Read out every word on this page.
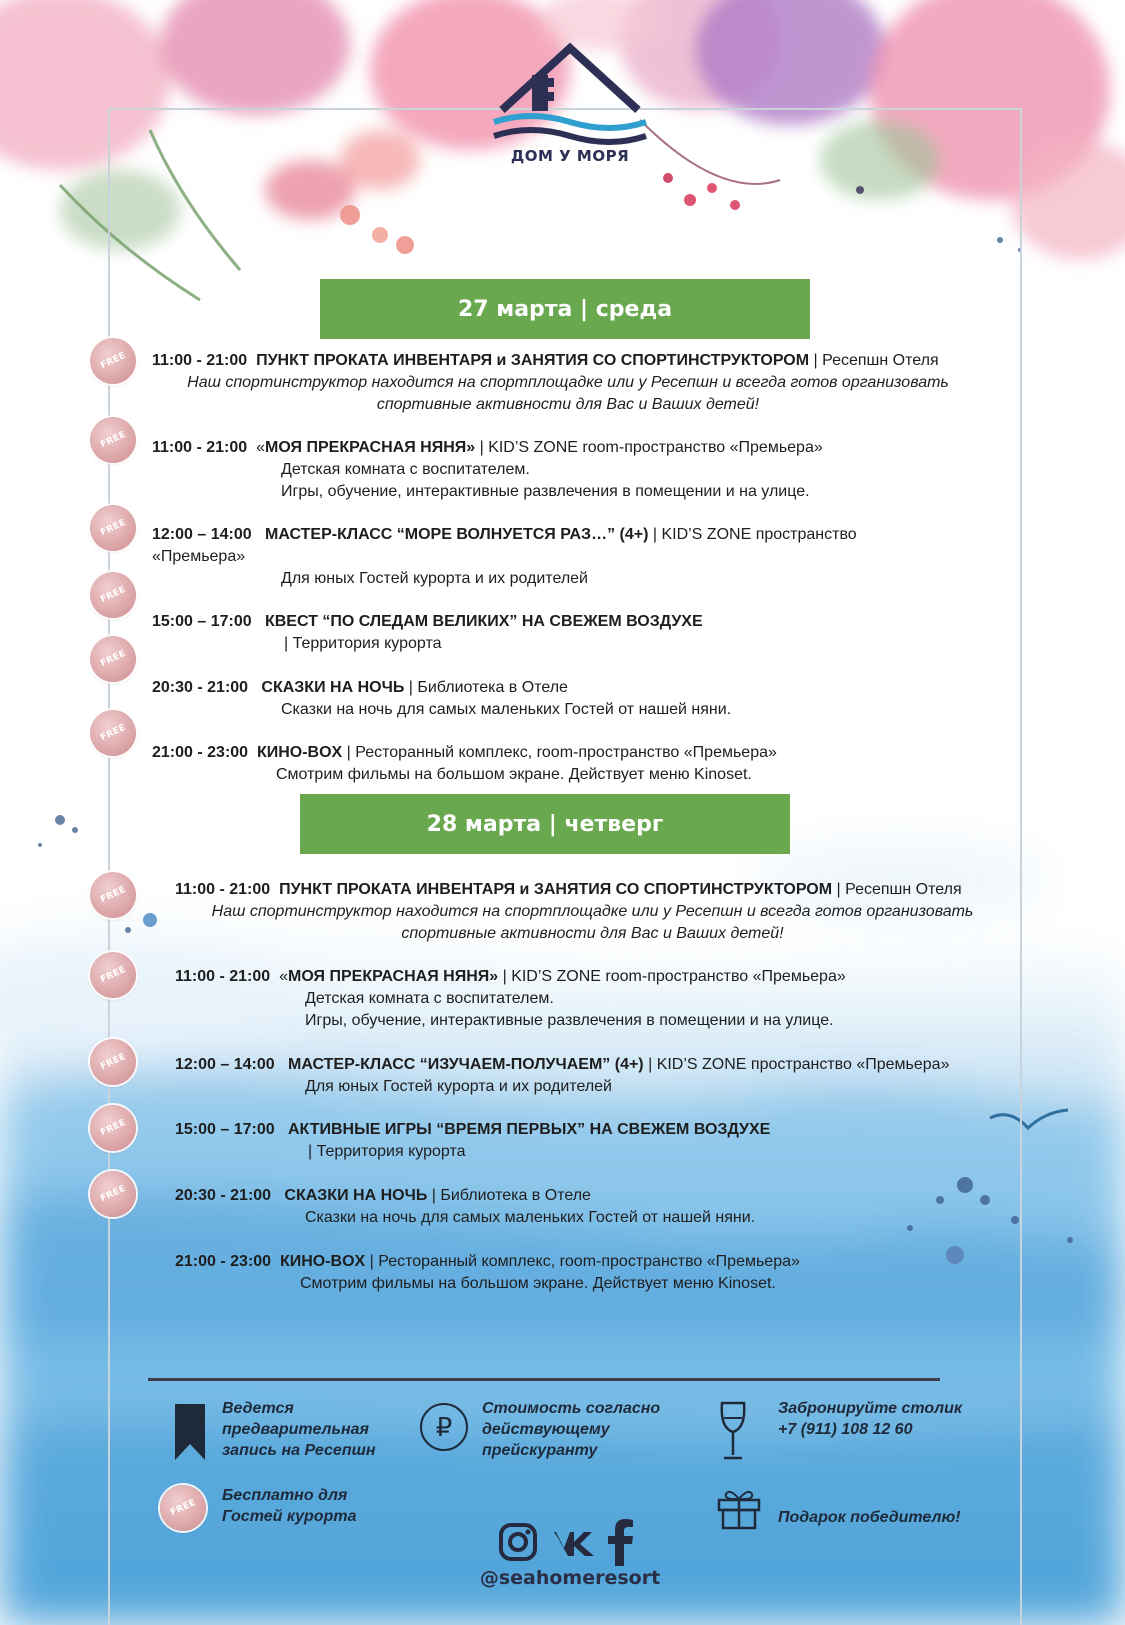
ДОМ У МОРЯ
27 марта | среда
FREE 11:00 - 21:00 ПУНКТ ПРОКАТА ИНВЕНТАРЯ и ЗАНЯТИЯ СО СПОРТИНСТРУКТОРОМ | Ресепшн Отеля
Наш спортинструктор находится на спортплощадке или у Ресепшн и всегда готов организовать
спортивные активности для Вас и Ваших детей!
FREE 11:00 - 21:00 «МОЯ ПРЕКРАСНАЯ НЯНЯ» | KID’S ZONE room-пространство «Премьера»
Детская комната с воспитателем.
Игры, обучение, интерактивные развлечения в помещении и на улице.
FREE 12:00 – 14:00 МАСТЕР-КЛАСС “МОРЕ ВОЛНУЕТСЯ РАЗ…” (4+) | KID’S ZONE пространство
«Премьера»
Для юных Гостей курорта и их родителей
FREE
15:00 – 17:00 КВЕСТ “ПО СЛЕДАМ ВЕЛИКИХ” НА СВЕЖЕМ ВОЗДУХЕ
| Территория курорта
FREE
20:30 - 21:00 СКАЗКИ НА НОЧЬ | Библиотека в Отеле
Сказки на ночь для самых маленьких Гостей от нашей няни.
FREE
21:00 - 23:00 КИНО-BOX | Ресторанный комплекс, room-пространство «Премьера»
Смотрим фильмы на большом экране. Действует меню Kinoset.
28 марта | четверг
FREE	11:00 - 21:00 ПУНКТ ПРОКАТА ИНВЕНТАРЯ и ЗАНЯТИЯ СО СПОРТИНСТРУКТОРОМ | Ресепшн Отеля
Наш спортинструктор находится на спортплощадке или у Ресепшн и всегда готов организовать
спортивные активности для Вас и Ваших детей!
FREE	11:00 - 21:00 «МОЯ ПРЕКРАСНАЯ НЯНЯ» | KID’S ZONE room-пространство «Премьера»
Детская комната с воспитателем.
Игры, обучение, интерактивные развлечения в помещении и на улице.
FREE	12:00 – 14:00 МАСТЕР-КЛАСС “ИЗУЧАЕМ-ПОЛУЧАЕМ” (4+) | KID’S ZONE пространство «Премьера»
Для юных Гостей курорта и их родителей
FREE	15:00 – 17:00 АКТИВНЫЕ ИГРЫ “ВРЕМЯ ПЕРВЫХ” НА СВЕЖЕМ ВОЗДУХЕ
| Территория курорта
FREE	20:30 - 21:00 СКАЗКИ НА НОЧЬ | Библиотека в Отеле
Сказки на ночь для самых маленьких Гостей от нашей няни.
21:00 - 23:00 КИНО-BOX | Ресторанный комплекс, room-пространство «Премьера»
Смотрим фильмы на большом экране. Действует меню Kinoset.
Ведется
предварительная
запись на Ресепшн
₽
Стоимость согласно
действующему
прейскуранту
Забронируйте столик
+7 (911) 108 12 60
FREE
Бесплатно для
Гостей курорта	Подарок победителю!
@seahomeresort
